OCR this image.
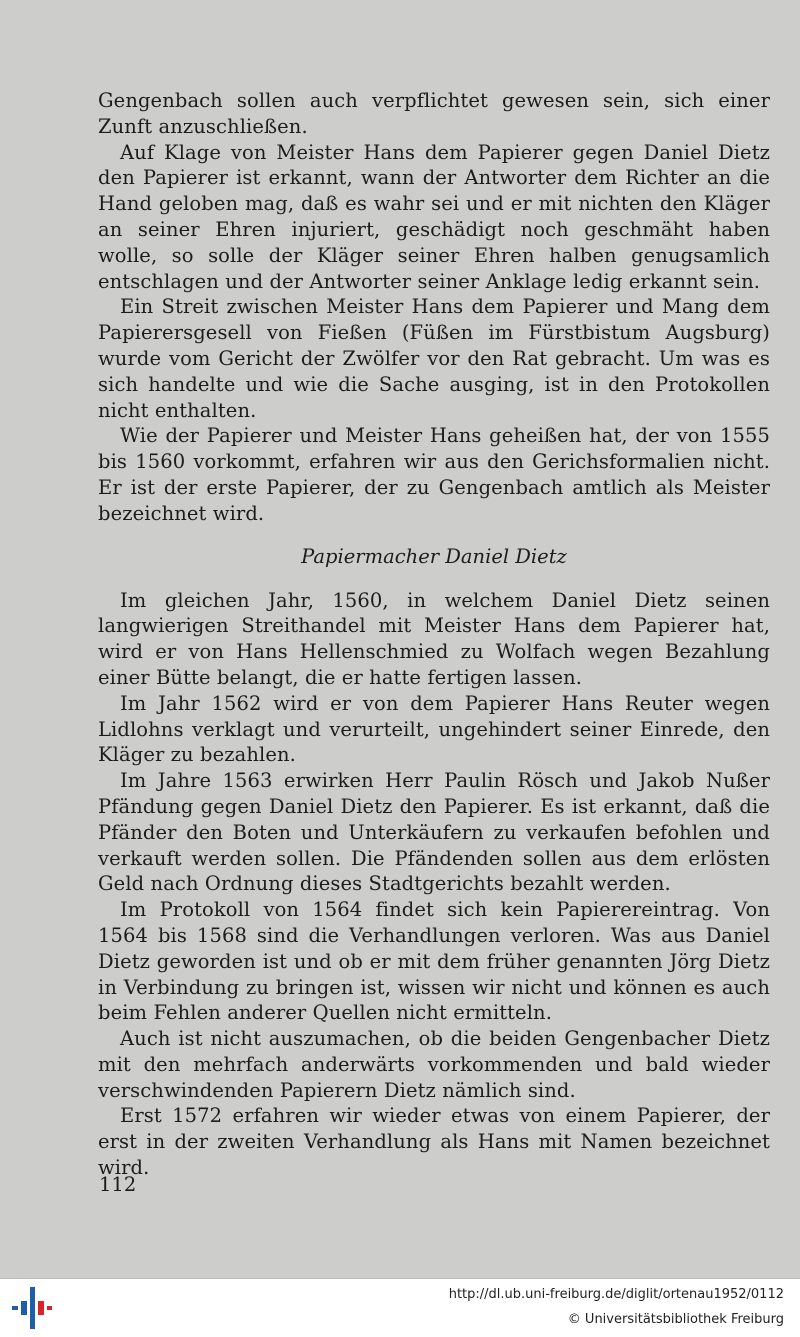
Gengenbach sollen auch verpflichtet gewesen sein, sich einer Zunft anzuschließen.

Auf Klage von Meister Hans dem Papierer gegen Daniel Dietz den Papierer ist erkannt, wann der Antworter dem Richter an die Hand geloben mag, daß es wahr sei und er mit nichten den Kläger an seiner Ehren injuriert, geschädigt noch geschmäht haben wolle, so solle der Kläger seiner Ehren halben genugsamlich entschlagen und der Antworter seiner Anklage ledig erkannt sein.

Ein Streit zwischen Meister Hans dem Papierer und Mang dem Papierersgesell von Fießen (Füßen im Fürstbistum Augsburg) wurde vom Gericht der Zwölfer vor den Rat gebracht. Um was es sich handelte und wie die Sache ausging, ist in den Protokollen nicht enthalten.

Wie der Papierer und Meister Hans geheißen hat, der von 1555 bis 1560 vorkommt, erfahren wir aus den Gerichsformalien nicht. Er ist der erste Papierer, der zu Gengenbach amtlich als Meister bezeichnet wird.

Papiermacher Daniel Dietz

Im gleichen Jahr, 1560, in welchem Daniel Dietz seinen langwierigen Streithandel mit Meister Hans dem Papierer hat, wird er von Hans Hellenschmied zu Wolfach wegen Bezahlung einer Bütte belangt, die er hatte fertigen lassen.

Im Jahr 1562 wird er von dem Papierer Hans Reuter wegen Lidlohns verklagt und verurteilt, ungehindert seiner Einrede, den Kläger zu bezahlen.

Im Jahre 1563 erwirken Herr Paulin Rösch und Jakob Nußer Pfändung gegen Daniel Dietz den Papierer. Es ist erkannt, daß die Pfänder den Boten und Unterkäufern zu verkaufen befohlen und verkauft werden sollen. Die Pfändenden sollen aus dem erlösten Geld nach Ordnung dieses Stadtgerichts bezahlt werden.

Im Protokoll von 1564 findet sich kein Papierereintrag. Von 1564 bis 1568 sind die Verhandlungen verloren. Was aus Daniel Dietz geworden ist und ob er mit dem früher genannten Jörg Dietz in Verbindung zu bringen ist, wissen wir nicht und können es auch beim Fehlen anderer Quellen nicht ermitteln.

Auch ist nicht auszumachen, ob die beiden Gengenbacher Dietz mit den mehrfach anderwärts vorkommenden und bald wieder verschwindenden Papierern Dietz nämlich sind.

Erst 1572 erfahren wir wieder etwas von einem Papierer, der erst in der zweiten Verhandlung als Hans mit Namen bezeichnet wird.

112
http://dl.ub.uni-freiburg.de/diglit/ortenau1952/0112
© Universitätsbibliothek Freiburg
